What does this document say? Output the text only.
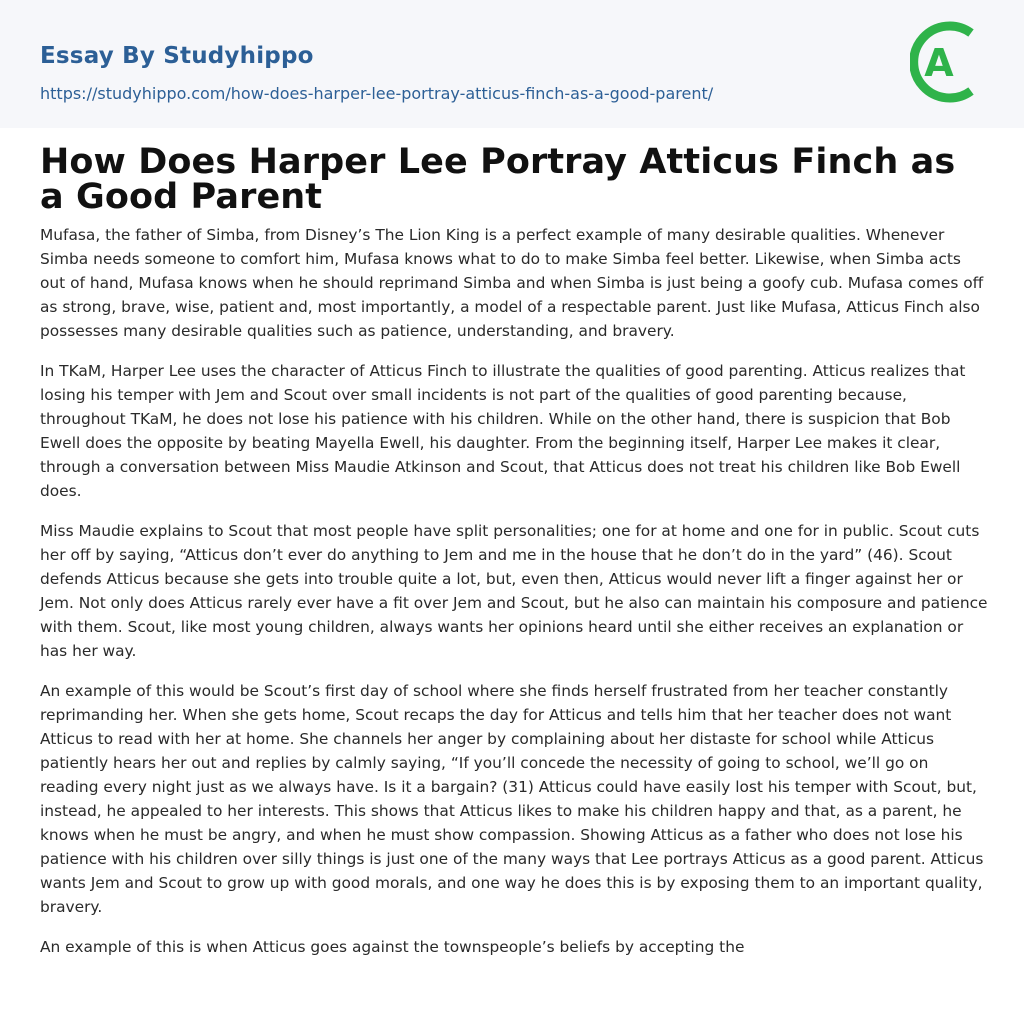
Essay By Studyhippo
https://studyhippo.com/how-does-harper-lee-portray-atticus-finch-as-a-good-parent/
A
How Does Harper Lee Portray Atticus Finch as a Good Parent

Mufasa, the father of Simba, from Disney’s The Lion King is a perfect example of many desirable qualities. Whenever Simba needs someone to comfort him, Mufasa knows what to do to make Simba feel better. Likewise, when Simba acts out of hand, Mufasa knows when he should reprimand Simba and when Simba is just being a goofy cub. Mufasa comes off as strong, brave, wise, patient and, most importantly, a model of a respectable parent. Just like Mufasa, Atticus Finch also possesses many desirable qualities such as patience, understanding, and bravery.

In TKaM, Harper Lee uses the character of Atticus Finch to illustrate the qualities of good parenting. Atticus realizes that losing his temper with Jem and Scout over small incidents is not part of the qualities of good parenting because, throughout TKaM, he does not lose his patience with his children. While on the other hand, there is suspicion that Bob Ewell does the opposite by beating Mayella Ewell, his daughter. From the beginning itself, Harper Lee makes it clear, through a conversation between Miss Maudie Atkinson and Scout, that Atticus does not treat his children like Bob Ewell does.

Miss Maudie explains to Scout that most people have split personalities; one for at home and one for in public. Scout cuts her off by saying, “Atticus don’t ever do anything to Jem and me in the house that he don’t do in the yard” (46). Scout defends Atticus because she gets into trouble quite a lot, but, even then, Atticus would never lift a finger against her or Jem. Not only does Atticus rarely ever have a fit over Jem and Scout, but he also can maintain his composure and patience with them. Scout, like most young children, always wants her opinions heard until she either receives an explanation or has her way.

An example of this would be Scout’s first day of school where she finds herself frustrated from her teacher constantly reprimanding her. When she gets home, Scout recaps the day for Atticus and tells him that her teacher does not want Atticus to read with her at home. She channels her anger by complaining about her distaste for school while Atticus patiently hears her out and replies by calmly saying, “If you’ll concede the necessity of going to school, we’ll go on reading every night just as we always have. Is it a bargain? (31) Atticus could have easily lost his temper with Scout, but, instead, he appealed to her interests. This shows that Atticus likes to make his children happy and that, as a parent, he knows when he must be angry, and when he must show compassion. Showing Atticus as a father who does not lose his patience with his children over silly things is just one of the many ways that Lee portrays Atticus as a good parent. Atticus wants Jem and Scout to grow up with good morals, and one way he does this is by exposing them to an important quality, bravery.

An example of this is when Atticus goes against the townspeople’s beliefs by accepting the
